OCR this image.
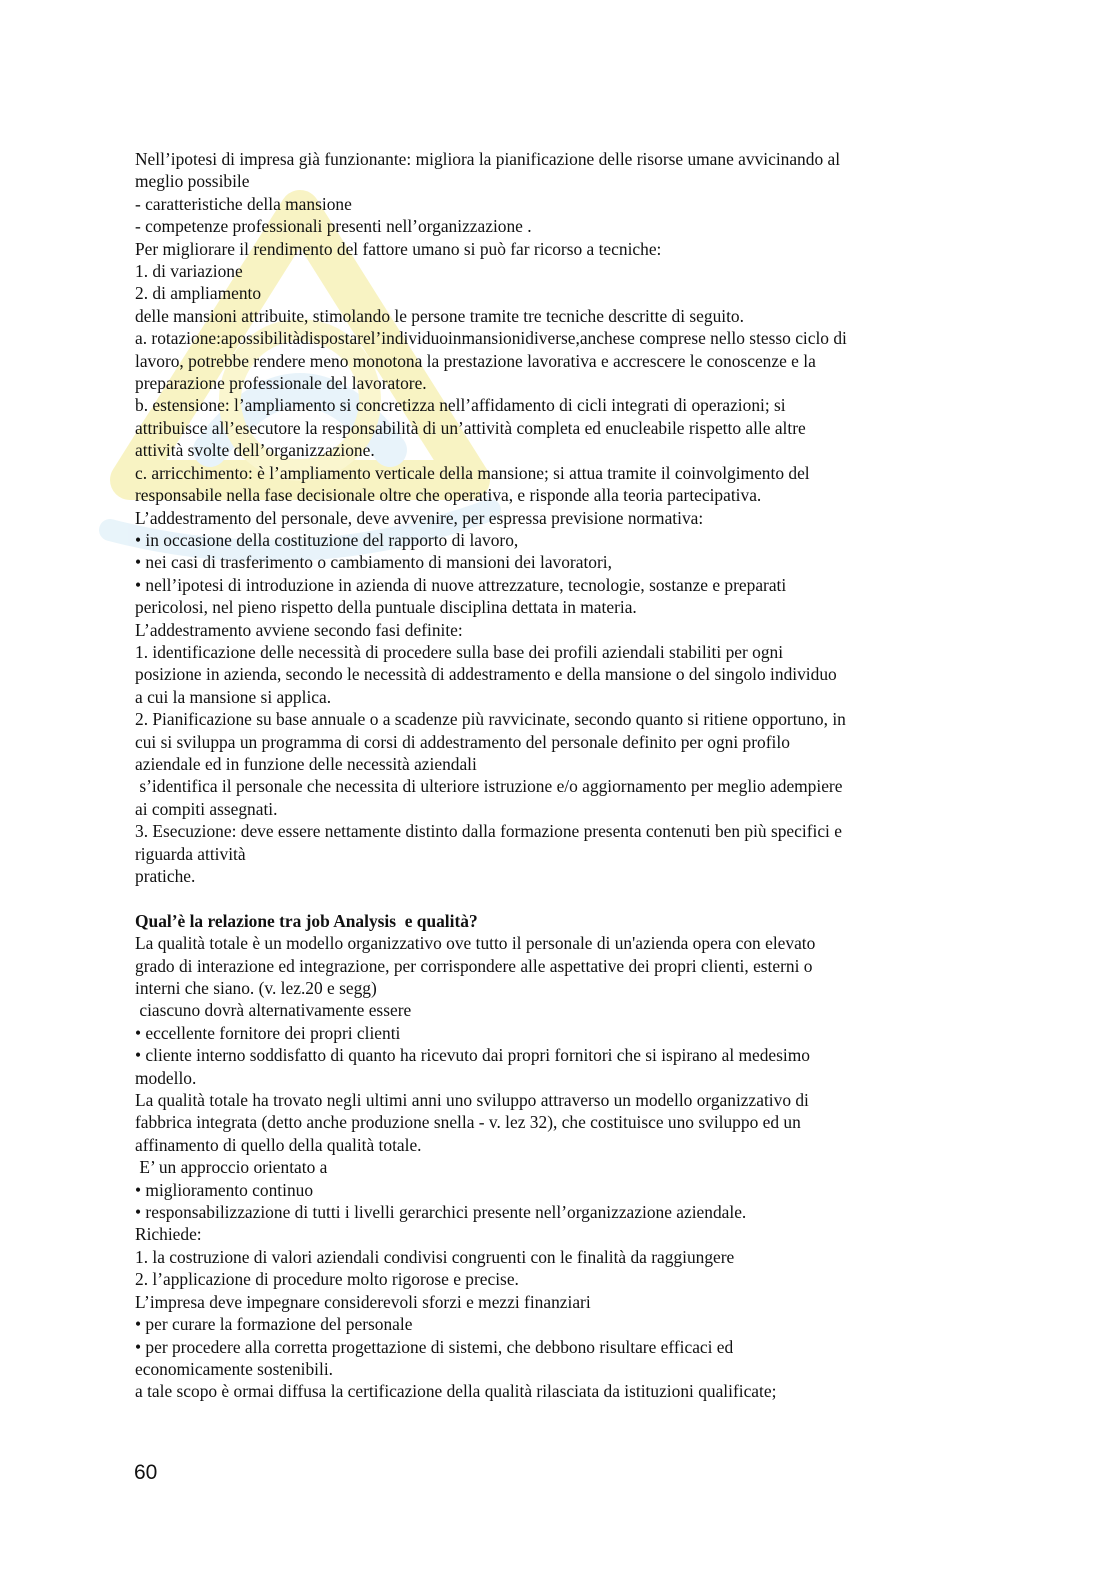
Nell’ipotesi di impresa già funzionante: migliora la pianificazione delle risorse umane avvicinando al

meglio possibile

- caratteristiche della mansione

- competenze professionali presenti nell’organizzazione .

Per migliorare il rendimento del fattore umano si può far ricorso a tecniche:

1. di variazione

2. di ampliamento

delle mansioni attribuite, stimolando le persone tramite tre tecniche descritte di seguito.

a. rotazione:apossibilitàdispostarel’individuoinmansionidiverse,anchese comprese nello stesso ciclo di

lavoro, potrebbe rendere meno monotona la prestazione lavorativa e accrescere le conoscenze e la

preparazione professionale del lavoratore.

b. estensione: l’ampliamento si concretizza nell’affidamento di cicli integrati di operazioni; si

attribuisce all’esecutore la responsabilità di un’attività completa ed enucleabile rispetto alle altre

attività svolte dell’organizzazione.

c. arricchimento: è l’ampliamento verticale della mansione; si attua tramite il coinvolgimento del

responsabile nella fase decisionale oltre che operativa, e risponde alla teoria partecipativa.

L’addestramento del personale, deve avvenire, per espressa previsione normativa:

• in occasione della costituzione del rapporto di lavoro,

• nei casi di trasferimento o cambiamento di mansioni dei lavoratori,

• nell’ipotesi di introduzione in azienda di nuove attrezzature, tecnologie, sostanze e preparati

pericolosi, nel pieno rispetto della puntuale disciplina dettata in materia.

L’addestramento avviene secondo fasi definite:

1. identificazione delle necessità di procedere sulla base dei profili aziendali stabiliti per ogni

posizione in azienda, secondo le necessità di addestramento e della mansione o del singolo individuo

a cui la mansione si applica.

2. Pianificazione su base annuale o a scadenze più ravvicinate, secondo quanto si ritiene opportuno, in

cui si sviluppa un programma di corsi di addestramento del personale definito per ogni profilo

aziendale ed in funzione delle necessità aziendali

s’identifica il personale che necessita di ulteriore istruzione e/o aggiornamento per meglio adempiere

ai compiti assegnati.

3. Esecuzione: deve essere nettamente distinto dalla formazione presenta contenuti ben più specifici e

riguarda attività

pratiche.

Qual’è la relazione tra job Analysis  e qualità?

La qualità totale è un modello organizzativo ove tutto il personale di un'azienda opera con elevato

grado di interazione ed integrazione, per corrispondere alle aspettative dei propri clienti, esterni o

interni che siano. (v. lez.20 e segg)

ciascuno dovrà alternativamente essere

• eccellente fornitore dei propri clienti

• cliente interno soddisfatto di quanto ha ricevuto dai propri fornitori che si ispirano al medesimo

modello.

La qualità totale ha trovato negli ultimi anni uno sviluppo attraverso un modello organizzativo di

fabbrica integrata (detto anche produzione snella - v. lez 32), che costituisce uno sviluppo ed un

affinamento di quello della qualità totale.

E’ un approccio orientato a

• miglioramento continuo

• responsabilizzazione di tutti i livelli gerarchici presente nell’organizzazione aziendale.

Richiede:

1. la costruzione di valori aziendali condivisi congruenti con le finalità da raggiungere

2. l’applicazione di procedure molto rigorose e precise.

L’impresa deve impegnare considerevoli sforzi e mezzi finanziari

• per curare la formazione del personale

• per procedere alla corretta progettazione di sistemi, che debbono risultare efficaci ed

economicamente sostenibili.

a tale scopo è ormai diffusa la certificazione della qualità rilasciata da istituzioni qualificate;

60
